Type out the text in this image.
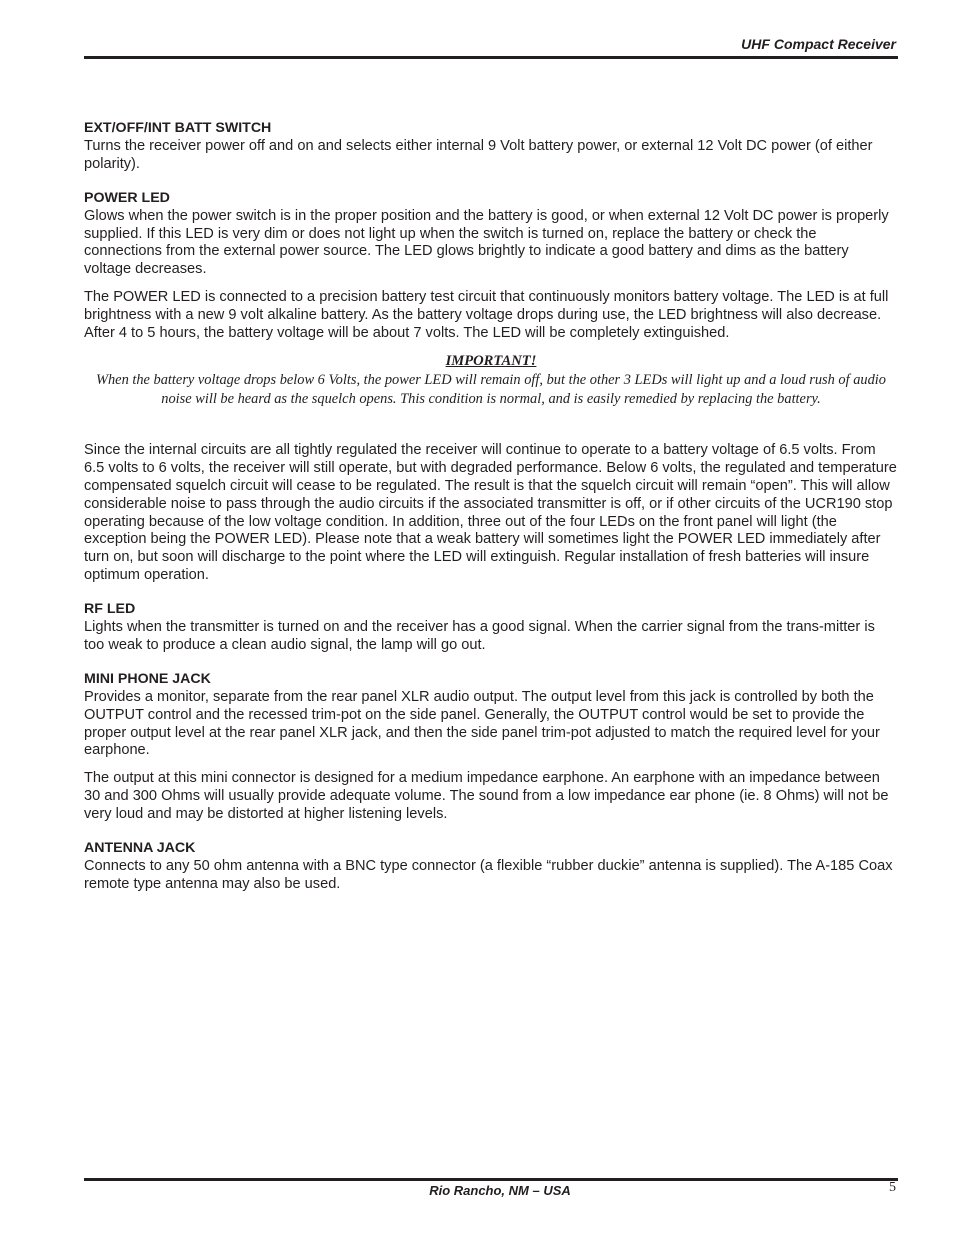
UHF Compact Receiver

EXT/OFF/INT BATT SWITCH

Turns the receiver power off and on and selects either internal 9 Volt battery power, or external 12 Volt DC power (of either polarity).

POWER LED

Glows when the power switch is in the proper position and the battery is good, or when external 12 Volt DC power is properly supplied. If this LED is very dim or does not light up when the switch is turned on, replace the battery or check the connections from the external power source. The LED glows brightly to indicate a good battery and dims as the battery voltage decreases.

The POWER LED is connected to a precision battery test circuit that continuously monitors battery voltage. The LED is at full brightness with a new 9 volt alkaline battery. As the battery voltage drops during use, the LED brightness will also decrease. After 4 to 5 hours, the battery voltage will be about 7 volts. The LED will be completely extinguished.

IMPORTANT!

When the battery voltage drops below 6 Volts, the power LED will remain off, but the other 3 LEDs will light up and a loud rush of audio noise will be heard as the squelch opens. This condition is normal, and is easily remedied by replacing the battery.

Since the internal circuits are all tightly regulated the receiver will continue to operate to a battery voltage of 6.5 volts. From 6.5 volts to 6 volts, the receiver will still operate, but with degraded performance. Below 6 volts, the regulated and temperature compensated squelch circuit will cease to be regulated. The result is that the squelch circuit will remain “open”. This will allow considerable noise to pass through the audio circuits if the associated transmitter is off, or if other circuits of the UCR190 stop operating because of the low voltage condition. In addition, three out of the four LEDs on the front panel will light (the exception being the POWER LED). Please note that a weak battery will sometimes light the POWER LED immediately after turn on, but soon will discharge to the point where the LED will extinguish. Regular installation of fresh batteries will insure optimum operation.

RF LED

Lights when the transmitter is turned on and the receiver has a good signal. When the carrier signal from the trans-mitter is too weak to produce a clean audio signal, the lamp will go out.

MINI PHONE JACK

Provides a monitor, separate from the rear panel XLR audio output. The output level from this jack is controlled by both the OUTPUT control and the recessed trim-pot on the side panel. Generally, the OUTPUT control would be set to provide the proper output level at the rear panel XLR jack, and then the side panel trim-pot adjusted to match the required level for your earphone.

The output at this mini connector is designed for a medium impedance earphone. An earphone with an impedance between 30 and 300 Ohms will usually provide adequate volume. The sound from a low impedance ear phone (ie. 8 Ohms) will not be very loud and may be distorted at higher listening levels.

ANTENNA JACK

Connects to any 50 ohm antenna with a BNC type connector (a flexible “rubber duckie” antenna is supplied). The A-185 Coax remote type antenna may also be used.

Rio Rancho, NM – USA	5
